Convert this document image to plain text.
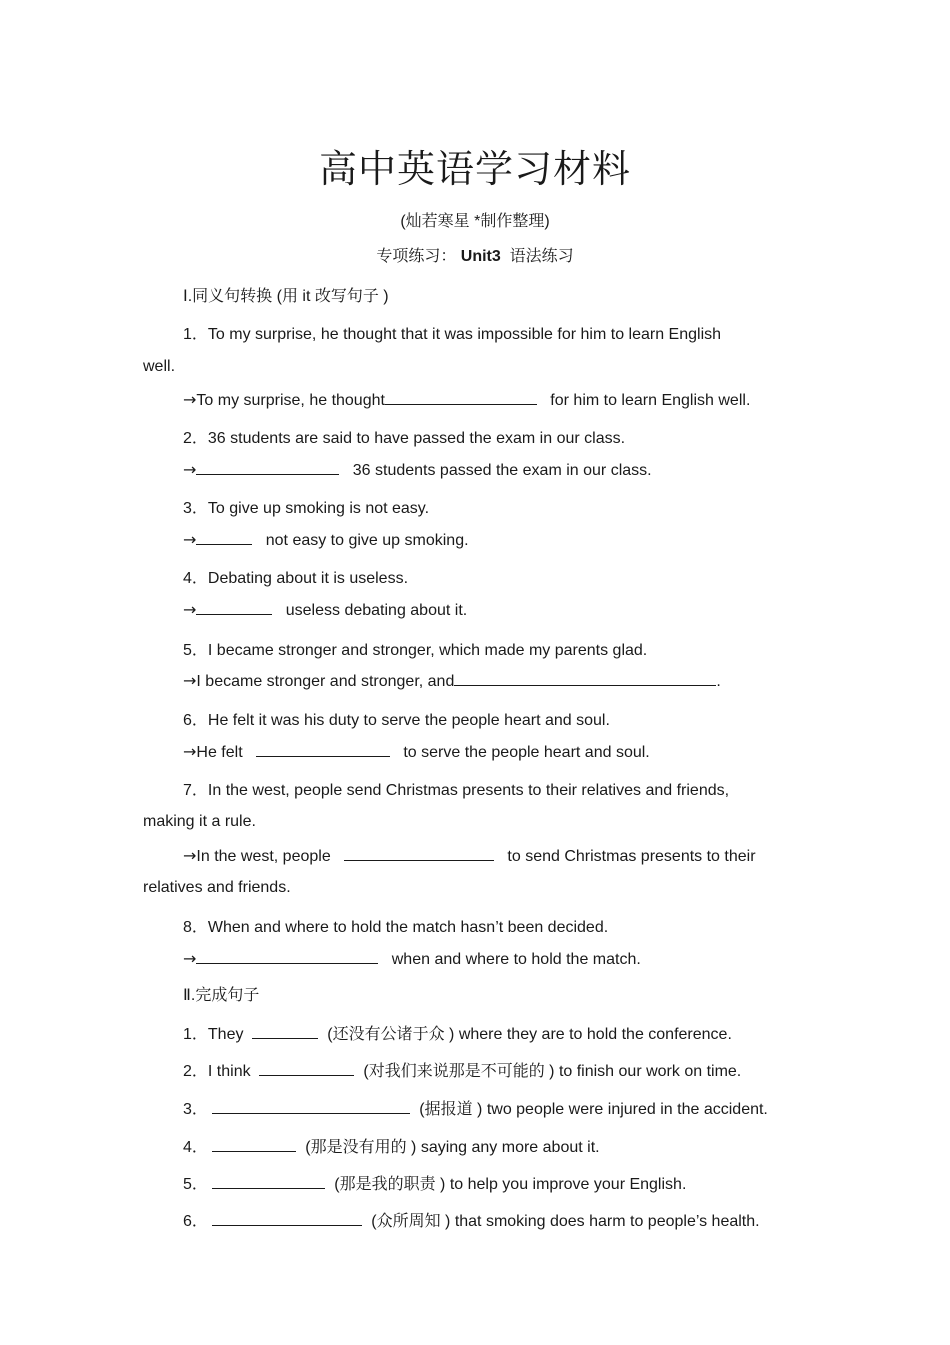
高中英语学习材料
(灿若寒星 *制作整理)
专项练习： Unit3 语法练习
Ⅰ.同义句转换 (用 it 改写句子 )
1．To my surprise, he thought that it was impossible for him to learn English
well.
→To my surprise, he thought	for him to learn English well.
2．36 students are said to have passed the exam in our class.
→	36 students passed the exam in our class.
3．To give up smoking is not easy.
→	not easy to give up smoking.
4．Debating about it is useless.
→	useless debating about it.
5．I became stronger and stronger, which made my parents glad.
→I became stronger and stronger, and	.
6．He felt it was his duty to serve the people heart and soul.
→He felt	to serve the people heart and soul.
7．In the west, people send Christmas presents to their relatives and friends,
making it a rule.
→In the west, people	to send Christmas presents to their
relatives and friends.
8．When and where to hold the match hasn’t been decided.
→	when and where to hold the match.
Ⅱ.完成句子
1．They	(还没有公诸于众 ) where they are to hold the conference.
2．I think	(对我们来说那是不可能的 ) to finish our work on time.
3．	(据报道 ) two people were injured in the accident.
4．	(那是没有用的 ) saying any more about it.
5．	(那是我的职责 ) to help you improve your English.
6．	(众所周知 ) that smoking does harm to people’s health.
